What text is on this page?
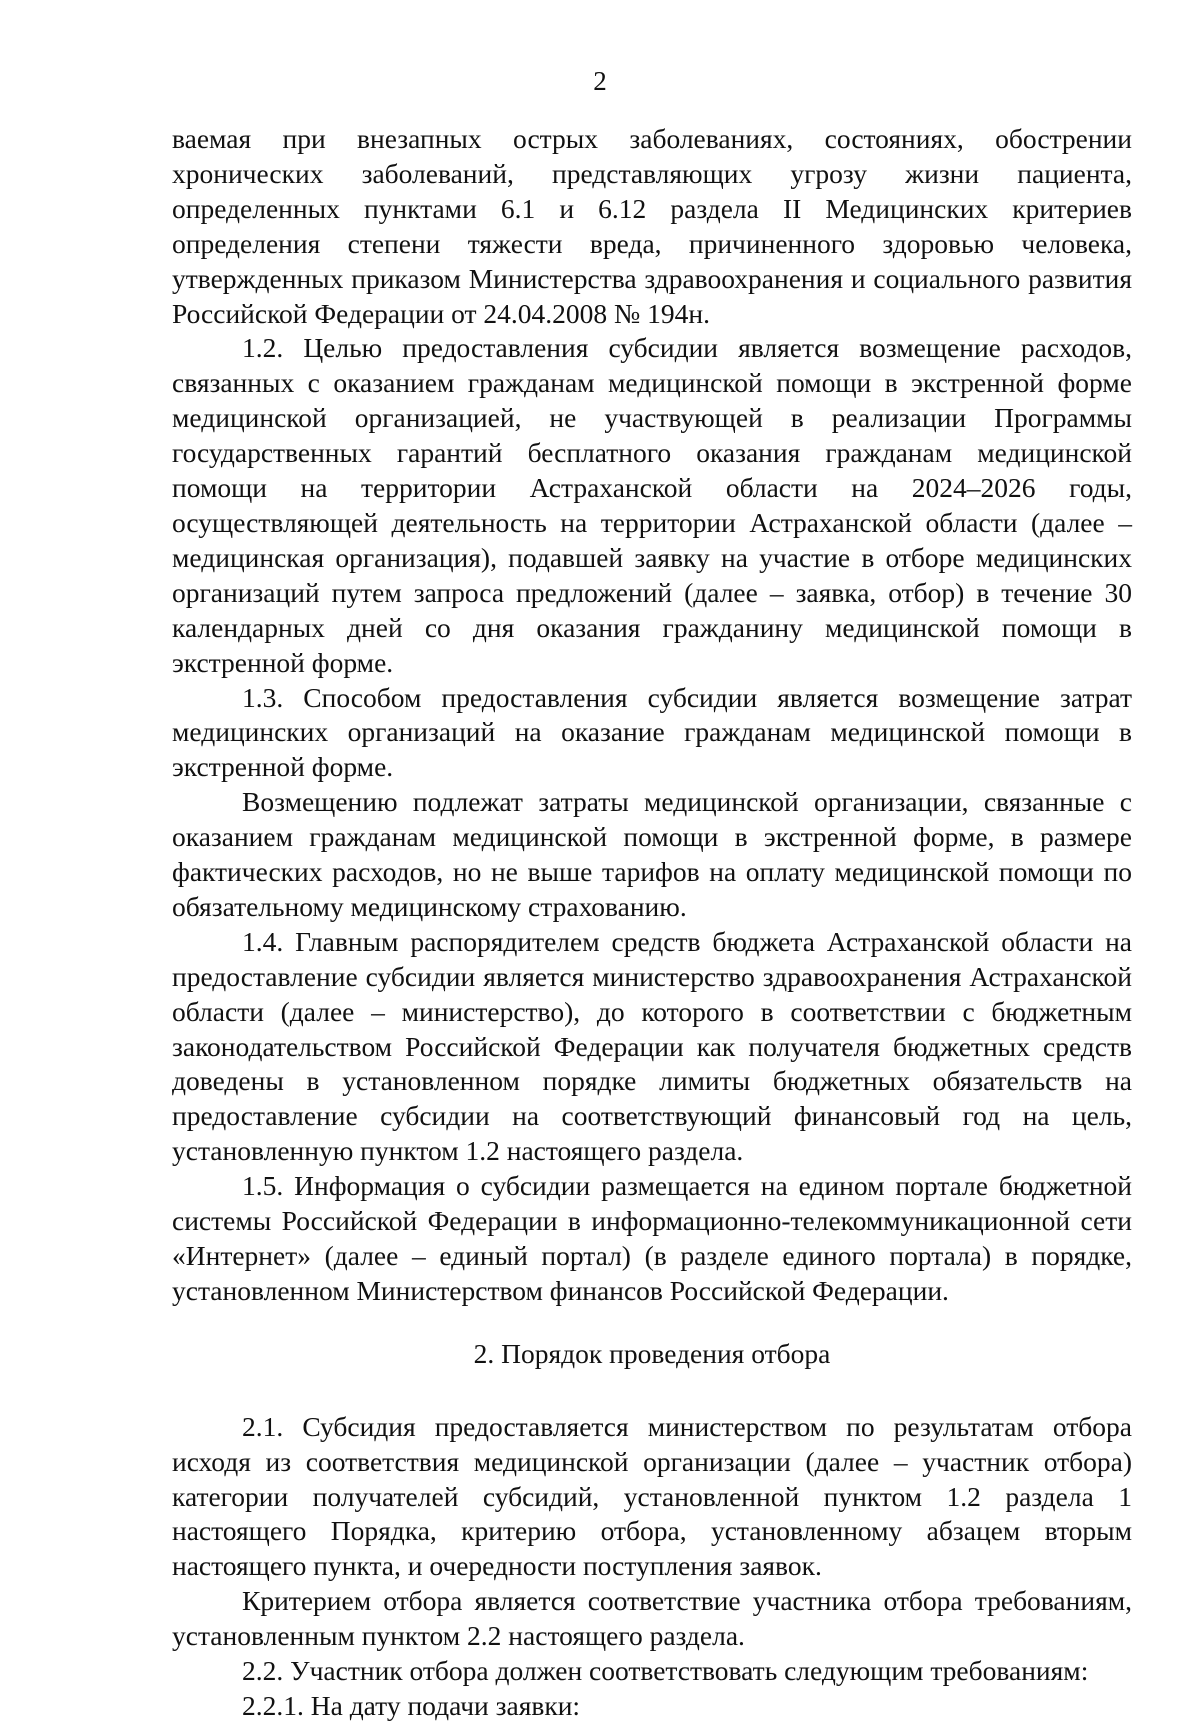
2

ваемая при внезапных острых заболеваниях, состояниях, обострении хронических заболеваний, представляющих угрозу жизни пациента, определенных пунктами 6.1 и 6.12 раздела II Медицинских критериев определения степени тяжести вреда, причиненного здоровью человека, утвержденных приказом Министерства здравоохранения и социального развития Российской Федерации от 24.04.2008 № 194н.

1.2. Целью предоставления субсидии является возмещение расходов, связанных с оказанием гражданам медицинской помощи в экстренной форме медицинской организацией, не участвующей в реализации Программы государственных гарантий бесплатного оказания гражданам медицинской помощи на территории Астраханской области на 2024–2026 годы, осуществляющей деятельность на территории Астраханской области (далее – медицинская организация), подавшей заявку на участие в отборе медицинских организаций путем запроса предложений (далее – заявка, отбор) в течение 30 календарных дней со дня оказания гражданину медицинской помощи в экстренной форме.

1.3. Способом предоставления субсидии является возмещение затрат медицинских организаций на оказание гражданам медицинской помощи в экстренной форме.

Возмещению подлежат затраты медицинской организации, связанные с оказанием гражданам медицинской помощи в экстренной форме, в размере фактических расходов, но не выше тарифов на оплату медицинской помощи по обязательному медицинскому страхованию.

1.4. Главным распорядителем средств бюджета Астраханской области на предоставление субсидии является министерство здравоохранения Астраханской области (далее – министерство), до которого в соответствии с бюджетным законодательством Российской Федерации как получателя бюджетных средств доведены в установленном порядке лимиты бюджетных обязательств на предоставление субсидии на соответствующий финансовый год на цель, установленную пунктом 1.2 настоящего раздела.

1.5. Информация о субсидии размещается на едином портале бюджетной системы Российской Федерации в информационно-телекоммуникационной сети «Интернет» (далее – единый портал) (в разделе единого портала) в порядке, установленном Министерством финансов Российской Федерации.

2. Порядок проведения отбора

2.1. Субсидия предоставляется министерством по результатам отбора исходя из соответствия медицинской организации (далее – участник отбора) категории получателей субсидий, установленной пунктом 1.2 раздела 1 настоящего Порядка, критерию отбора, установленному абзацем вторым настоящего пункта, и очередности поступления заявок.

Критерием отбора является соответствие участника отбора требованиям, установленным пунктом 2.2 настоящего раздела.

2.2. Участник отбора должен соответствовать следующим требованиям:

2.2.1. На дату подачи заявки:
